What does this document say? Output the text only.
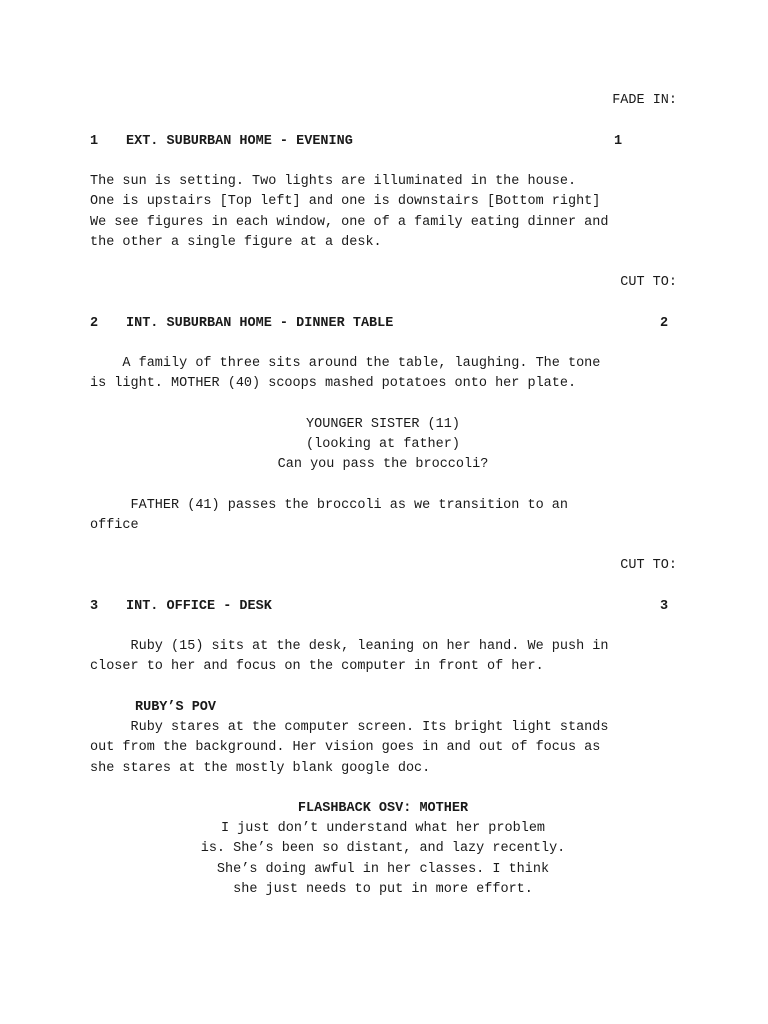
FADE IN:
1 EXT. SUBURBAN HOME - EVENING	1
The sun is setting. Two lights are illuminated in the house.
One is upstairs [Top left] and one is downstairs [Bottom right]
We see figures in each window, one of a family eating dinner and
the other a single figure at a desk.
CUT TO:
2 INT. SUBURBAN HOME - DINNER TABLE	2
A family of three sits around the table, laughing. The tone
is light. MOTHER (40) scoops mashed potatoes onto her plate.
YOUNGER SISTER (11)
(looking at father)
Can you pass the broccoli?
FATHER (41) passes the broccoli as we transition to an
office
CUT TO:
3 INT. OFFICE - DESK	3
Ruby (15) sits at the desk, leaning on her hand. We push in
closer to her and focus on the computer in front of her.
RUBY’S POV
Ruby stares at the computer screen. Its bright light stands
out from the background. Her vision goes in and out of focus as
she stares at the mostly blank google doc.
FLASHBACK OSV: MOTHER
I just don’t understand what her problem
is. She’s been so distant, and lazy recently.
She’s doing awful in her classes. I think
she just needs to put in more effort.
